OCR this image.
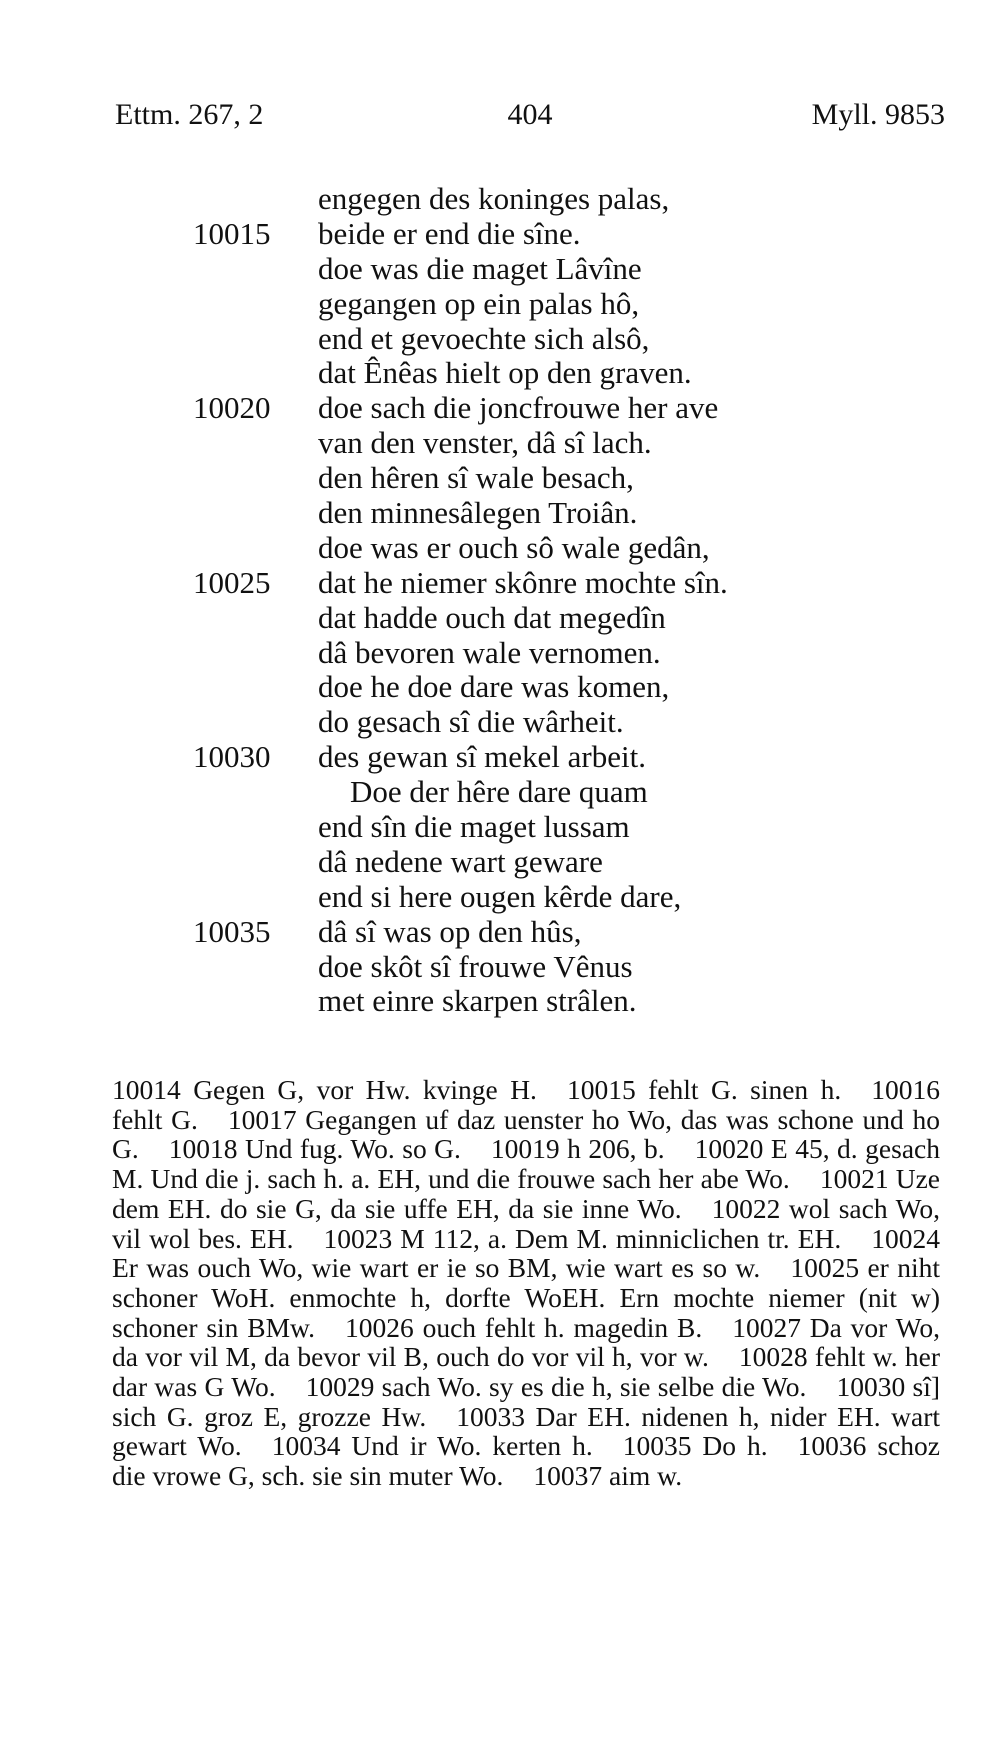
404
Ettm. 267, 2	Myll. 9853
engegen des koninges palas,
10015 beide er end die sîne.
doe was die maget Lâvîne
gegangen op ein palas hô,
end et gevoechte sich alsô,
dat Ênêas hielt op den graven.
10020 doe sach die joncfrouwe her ave
van den venster, dâ sî lach.
den hêren sî wale besach,
den minnesâlegen Troiân.
doe was er ouch sô wale gedân,
10025 dat he niemer skônre mochte sîn.
dat hadde ouch dat megedîn
dâ bevoren wale vernomen.
doe he doe dare was komen,
do gesach sî die wârheit.
10030 des gewan sî mekel arbeit.
Doe der hêre dare quam
end sîn die maget lussam
dâ nedene wart geware
end si here ougen kêrde dare,
10035 dâ sî was op den hûs,
doe skôt sî frouwe Vênus
met einre skarpen strâlen.
10014 Gegen G, vor Hw. kvinge H. 10015 fehlt G. sinen h. 10016 fehlt G. 10017 Gegangen uf daz uenster ho Wo, das was schone und ho G. 10018 Und fug. Wo. so G. 10019 h 206, b. 10020 E 45, d. gesach M. Und die j. sach h. a. EH, und die frouwe sach her abe Wo. 10021 Uze dem EH. do sie G, da sie uffe EH, da sie inne Wo. 10022 wol sach Wo, vil wol bes. EH. 10023 M 112, a. Dem M. minniclichen tr. EH. 10024 Er was ouch Wo, wie wart er ie so BM, wie wart es so w. 10025 er niht schoner WoH. enmochte h, dorfte WoEH. Ern mochte niemer (nit w) schoner sin BMw. 10026 ouch fehlt h. magedin B. 10027 Da vor Wo, da vor vil M, da bevor vil B, ouch do vor vil h, vor w. 10028 fehlt w. her dar was G Wo. 10029 sach Wo. sy es die h, sie selbe die Wo. 10030 sî] sich G. groz E, grozze Hw. 10033 Dar EH. nidenen h, nider EH. wart gewart Wo. 10034 Und ir Wo. kerten h. 10035 Do h. 10036 schoz die vrowe G, sch. sie sin muter Wo. 10037 aim w.
